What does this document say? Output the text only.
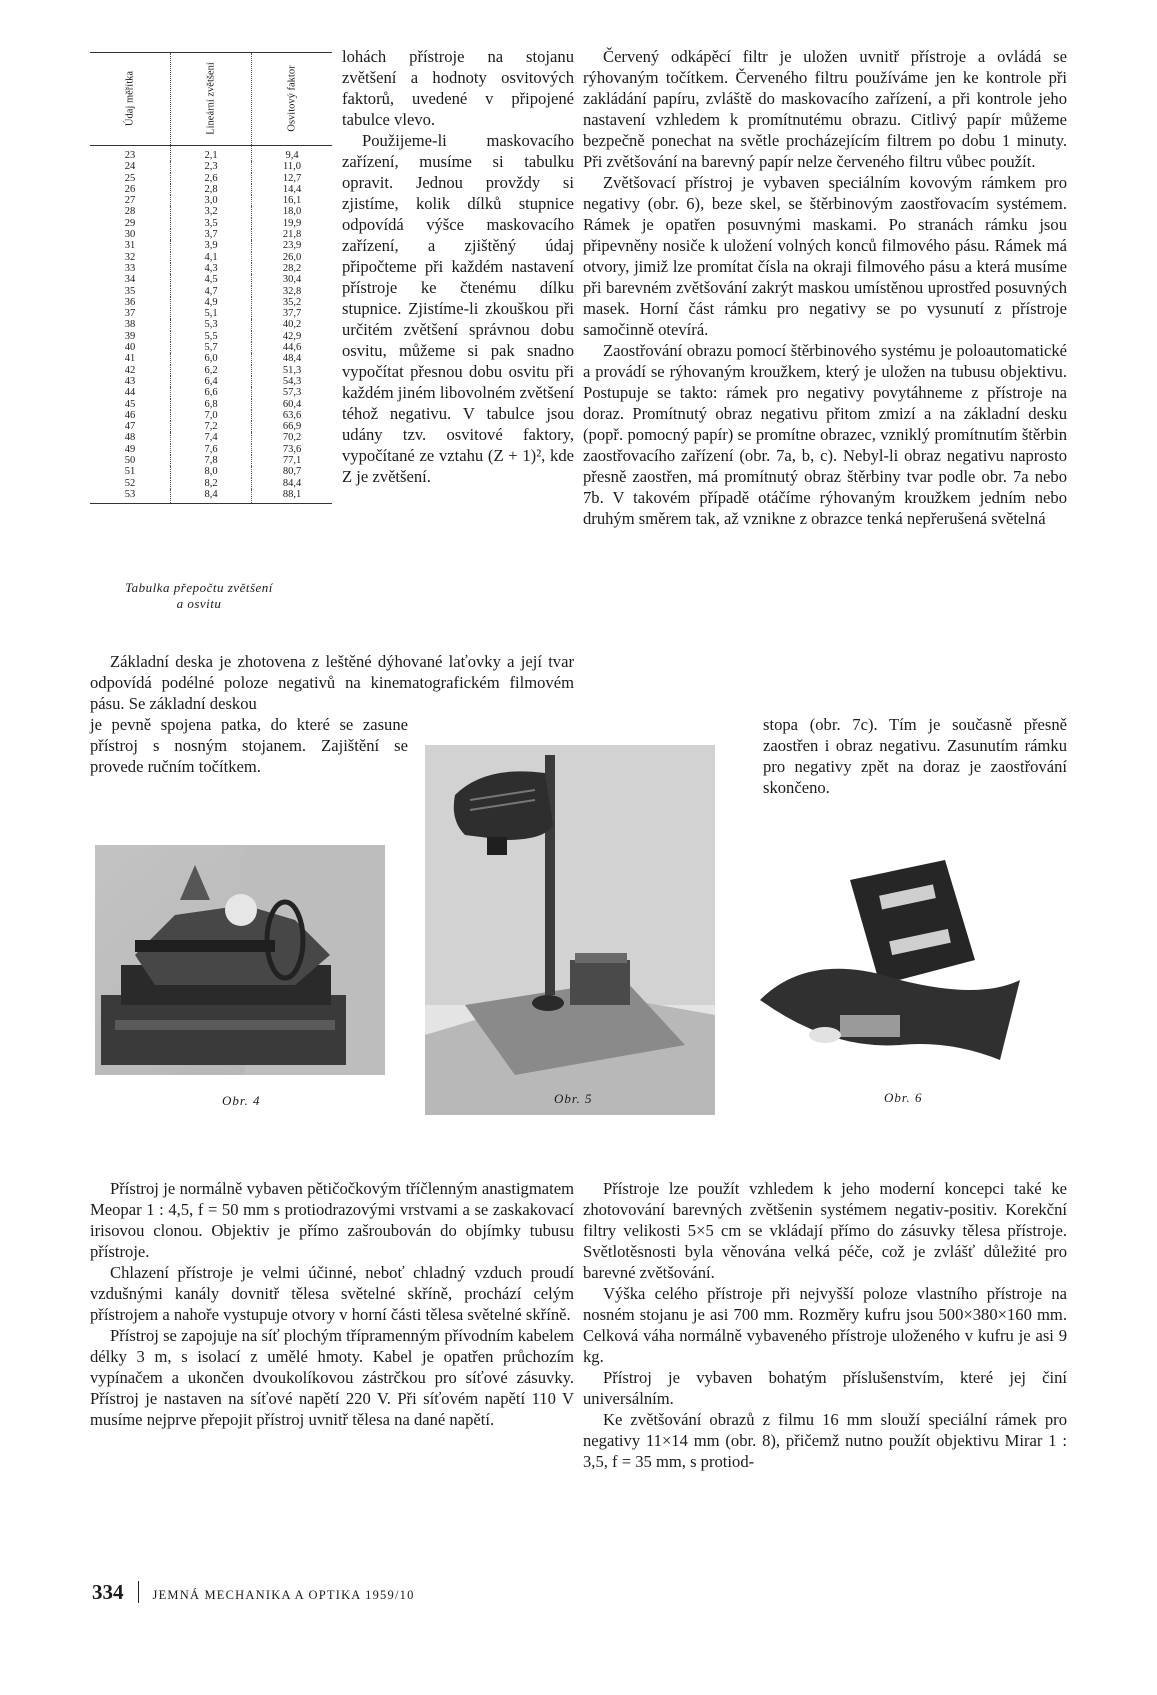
Údaj měřítka	Lineární zvětšení	Osvitový faktor
23	2,1	9,4
24	2,3	11,0
25	2,6	12,7
26	2,8	14,4
27	3,0	16,1
28	3,2	18,0
29	3,5	19,9
30	3,7	21,8
31	3,9	23,9
32	4,1	26,0
33	4,3	28,2
34	4,5	30,4
35	4,7	32,8
36	4,9	35,2
37	5,1	37,7
38	5,3	40,2
39	5,5	42,9
40	5,7	44,6
41	6,0	48,4
42	6,2	51,3
43	6,4	54,3
44	6,6	57,3
45	6,8	60,4
46	7,0	63,6
47	7,2	66,9
48	7,4	70,2
49	7,6	73,6
50	7,8	77,1
51	8,0	80,7
52	8,2	84,4
53	8,4	88,1
Tabulka přepočtu zvětšení
a osvitu

lohách přístroje na stojanu zvětšení a hodnoty osvitových faktorů, uvedené v připojené tabulce vlevo.

Použijeme-li maskovacího zařízení, musíme si tabulku opravit. Jednou provždy si zjistíme, kolik dílků stupnice odpovídá výšce maskovacího zařízení, a zjištěný údaj připočteme při každém nastavení přístroje ke čtenému dílku stupnice. Zjistíme-li zkouškou při určitém zvětšení správnou dobu osvitu, můžeme si pak snadno vypočítat přesnou dobu osvitu při každém jiném libovolném zvětšení téhož negativu. V tabulce jsou udány tzv. osvitové faktory, vypočítané ze vztahu (Z + 1)², kde Z je zvětšení.

Základní deska je zhotovena z leštěné dýhované laťovky a její tvar odpovídá podélné poloze negativů na kinematografickém filmovém pásu. Se základní deskou

je pevně spojena patka, do které se zasune přístroj s nosným stojanem. Zajištění se provede ručním točítkem.

Červený odkápěcí filtr je uložen uvnitř přístroje a ovládá se rýhovaným točítkem. Červeného filtru používáme jen ke kontrole při zakládání papíru, zvláště do maskovacího zařízení, a při kontrole jeho nastavení vzhledem k promítnutému obrazu. Citlivý papír můžeme bezpečně ponechat na světle procházejícím filtrem po dobu 1 minuty. Při zvětšování na barevný papír nelze červeného filtru vůbec použít.

Zvětšovací přístroj je vybaven speciálním kovovým rámkem pro negativy (obr. 6), beze skel, se štěrbinovým zaostřovacím systémem. Rámek je opatřen posuvnými maskami. Po stranách rámku jsou připevněny nosiče k uložení volných konců filmového pásu. Rámek má otvory, jimiž lze promítat čísla na okraji filmového pásu a která musíme při barevném zvětšování zakrýt maskou umístěnou uprostřed posuvných masek. Horní část rámku pro negativy se po vysunutí z přístroje samočinně otevírá.

Zaostřování obrazu pomocí štěrbinového systému je poloautomatické a provádí se rýhovaným kroužkem, který je uložen na tubusu objektivu. Postupuje se takto: rámek pro negativy povytáhneme z přístroje na doraz. Promítnutý obraz negativu přitom zmizí a na základní desku (popř. pomocný papír) se promítne obrazec, vzniklý promítnutím štěrbin zaostřovacího zařízení (obr. 7a, b, c). Nebyl-li obraz negativu naprosto přesně zaostřen, má promítnutý obraz štěrbiny tvar podle obr. 7a nebo 7b. V takovém případě otáčíme rýhovaným kroužkem jedním nebo druhým směrem tak, až vznikne z obrazce tenká nepřerušená světelná

stopa (obr. 7c). Tím je současně přesně zaostřen i obraz negativu. Zasunutím rámku pro negativy zpět na doraz je zaostřování skončeno.

Obr. 4	Obr. 5	Obr. 6

Přístroj je normálně vybaven pětičočkovým tříčlenným anastigmatem Meopar 1 : 4,5, f = 50 mm s protiodrazovými vrstvami a se zaskakovací irisovou clonou. Objektiv je přímo zašroubován do objímky tubusu přístroje.

Chlazení přístroje je velmi účinné, neboť chladný vzduch proudí vzdušnými kanály dovnitř tělesa světelné skříně, prochází celým přístrojem a nahoře vystupuje otvory v horní části tělesa světelné skříně.

Přístroj se zapojuje na síť plochým třípramenným přívodním kabelem délky 3 m, s isolací z umělé hmoty. Kabel je opatřen průchozím vypínačem a ukončen dvoukolíkovou zástrčkou pro síťové zásuvky. Přístroj je nastaven na síťové napětí 220 V. Při síťovém napětí 110 V musíme nejprve přepojit přístroj uvnitř tělesa na dané napětí.

Přístroje lze použít vzhledem k jeho moderní koncepci také ke zhotovování barevných zvětšenin systémem negativ-positiv. Korekční filtry velikosti 5×5 cm se vkládají přímo do zásuvky tělesa přístroje. Světlotěsnosti byla věnována velká péče, což je zvlášť důležité pro barevné zvětšování.

Výška celého přístroje při nejvyšší poloze vlastního přístroje na nosném stojanu je asi 700 mm. Rozměry kufru jsou 500×380×160 mm. Celková váha normálně vybaveného přístroje uloženého v kufru je asi 9 kg.

Přístroj je vybaven bohatým příslušenstvím, které jej činí universálním.

Ke zvětšování obrazů z filmu 16 mm slouží speciální rámek pro negativy 11×14 mm (obr. 8), přičemž nutno použít objektivu Mirar 1 : 3,5, f = 35 mm, s protiod-

334 JEMNÁ MECHANIKA A OPTIKA 1959/10
